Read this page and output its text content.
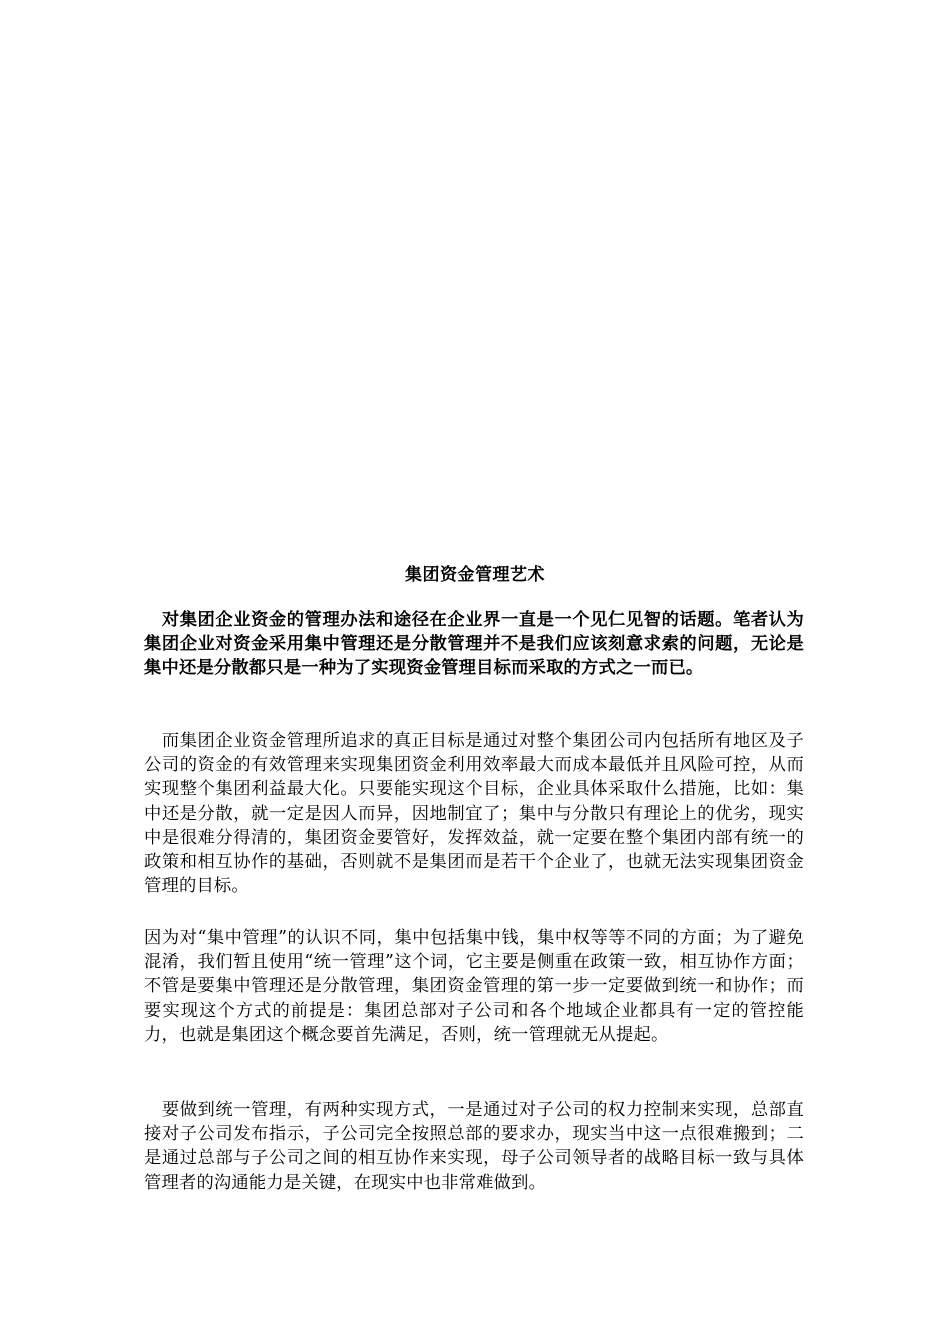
集团资金管理艺术

　对集团企业资金的管理办法和途径在企业界一直是一个见仁见智的话题。笔者认为集团企业对资金采用集中管理还是分散管理并不是我们应该刻意求索的问题，无论是集中还是分散都只是一种为了实现资金管理目标而采取的方式之一而已。

　而集团企业资金管理所追求的真正目标是通过对整个集团公司内包括所有地区及子公司的资金的有效管理来实现集团资金利用效率最大而成本最低并且风险可控，从而实现整个集团利益最大化。只要能实现这个目标，企业具体采取什么措施，比如：集中还是分散，就一定是因人而异，因地制宜了；集中与分散只有理论上的优劣，现实中是很难分得清的，集团资金要管好，发挥效益，就一定要在整个集团内部有统一的政策和相互协作的基础，否则就不是集团而是若干个企业了，也就无法实现集团资金管理的目标。

因为对“集中管理”的认识不同，集中包括集中钱，集中权等等不同的方面；为了避免混淆，我们暂且使用“统一管理”这个词，它主要是侧重在政策一致，相互协作方面；不管是要集中管理还是分散管理，集团资金管理的第一步一定要做到统一和协作；而要实现这个方式的前提是：集团总部对子公司和各个地域企业都具有一定的管控能力，也就是集团这个概念要首先满足，否则，统一管理就无从提起。

　要做到统一管理，有两种实现方式，一是通过对子公司的权力控制来实现，总部直接对子公司发布指示，子公司完全按照总部的要求办，现实当中这一点很难搬到；二是通过总部与子公司之间的相互协作来实现，母子公司领导者的战略目标一致与具体管理者的沟通能力是关键，在现实中也非常难做到。
